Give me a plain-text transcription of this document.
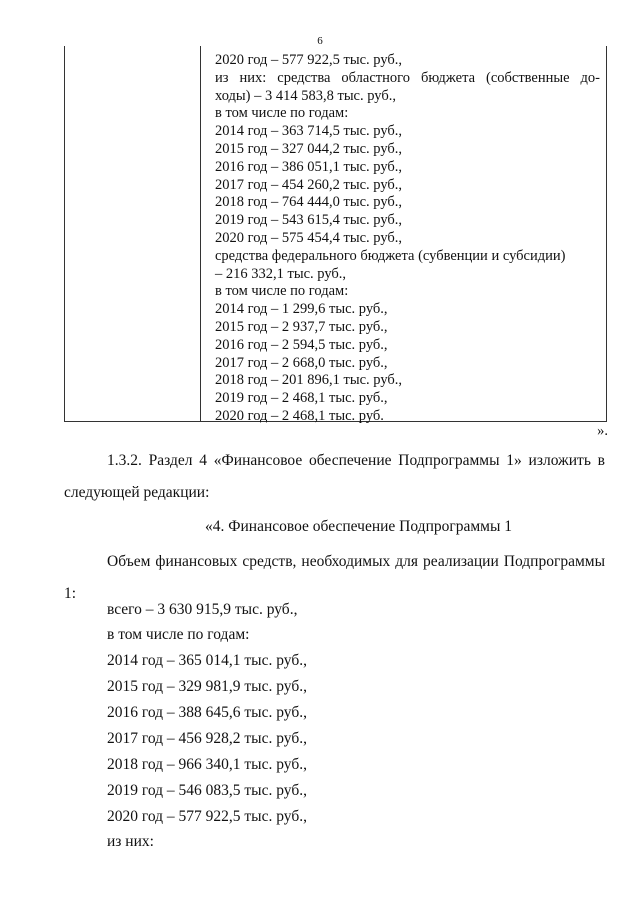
6
2020 год – 577 922,5 тыс. руб.,
из них: средства областного бюджета (собственные до-
ходы) – 3 414 583,8 тыс. руб.,
в том числе по годам:
2014 год – 363 714,5 тыс. руб.,
2015 год – 327 044,2 тыс. руб.,
2016 год – 386 051,1 тыс. руб.,
2017 год – 454 260,2 тыс. руб.,
2018 год – 764 444,0 тыс. руб.,
2019 год – 543 615,4 тыс. руб.,
2020 год – 575 454,4 тыс. руб.,
средства федерального бюджета (субвенции и субсидии)
– 216 332,1 тыс. руб.,
в том числе по годам:
2014 год – 1 299,6 тыс. руб.,
2015 год – 2 937,7 тыс. руб.,
2016 год – 2 594,5 тыс. руб.,
2017 год – 2 668,0 тыс. руб.,
2018 год – 201 896,1 тыс. руб.,
2019 год – 2 468,1 тыс. руб.,
2020 год – 2 468,1 тыс. руб.
».
1.3.2. Раздел 4 «Финансовое обеспечение Подпрограммы 1» изложить в
следующей редакции:
«4. Финансовое обеспечение Подпрограммы 1
Объем финансовых средств, необходимых для реализации Подпрограммы
1:
всего – 3 630 915,9 тыс. руб.,
в том числе по годам:
2014 год – 365 014,1 тыс. руб.,
2015 год – 329 981,9 тыс. руб.,
2016 год – 388 645,6 тыс. руб.,
2017 год – 456 928,2 тыс. руб.,
2018 год – 966 340,1 тыс. руб.,
2019 год – 546 083,5 тыс. руб.,
2020 год – 577 922,5 тыс. руб.,
из них:
